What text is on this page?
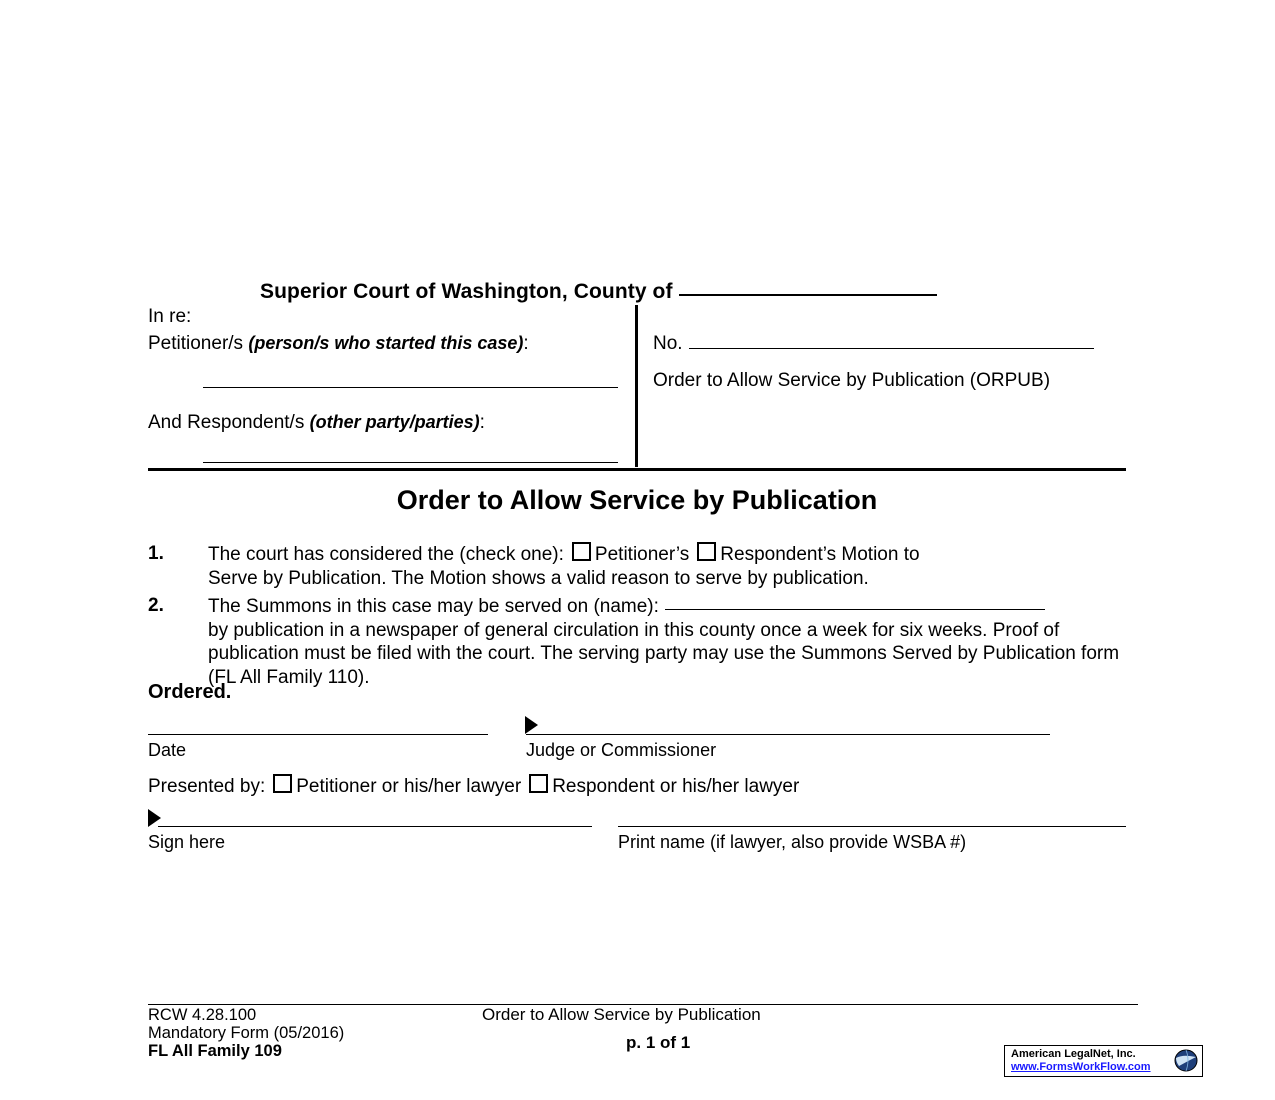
Superior Court of Washington, County of
In re:
Petitioner/s (person/s who started this case):
And Respondent/s (other party/parties):
No.
Order to Allow Service by Publication (ORPUB)
Order to Allow Service by Publication
1. The court has considered the (check one): Petitioner’s Respondent’s Motion to
Serve by Publication. The Motion shows a valid reason to serve by publication.
2. The Summons in this case may be served on (name):
by publication in a newspaper of general circulation in this county once a week for six weeks. Proof of publication must be filed with the court. The serving party may use the Summons Served by Publication form (FL All Family 110).
Ordered.
Date	Judge or Commissioner
Presented by: Petitioner or his/her lawyer Respondent or his/her lawyer
Sign here	Print name (if lawyer, also provide WSBA #)
RCW 4.28.100
Mandatory Form (05/2016)
FL All Family 109
Order to Allow Service by Publication
p. 1 of 1
American LegalNet, Inc.
www.FormsWorkFlow.com
